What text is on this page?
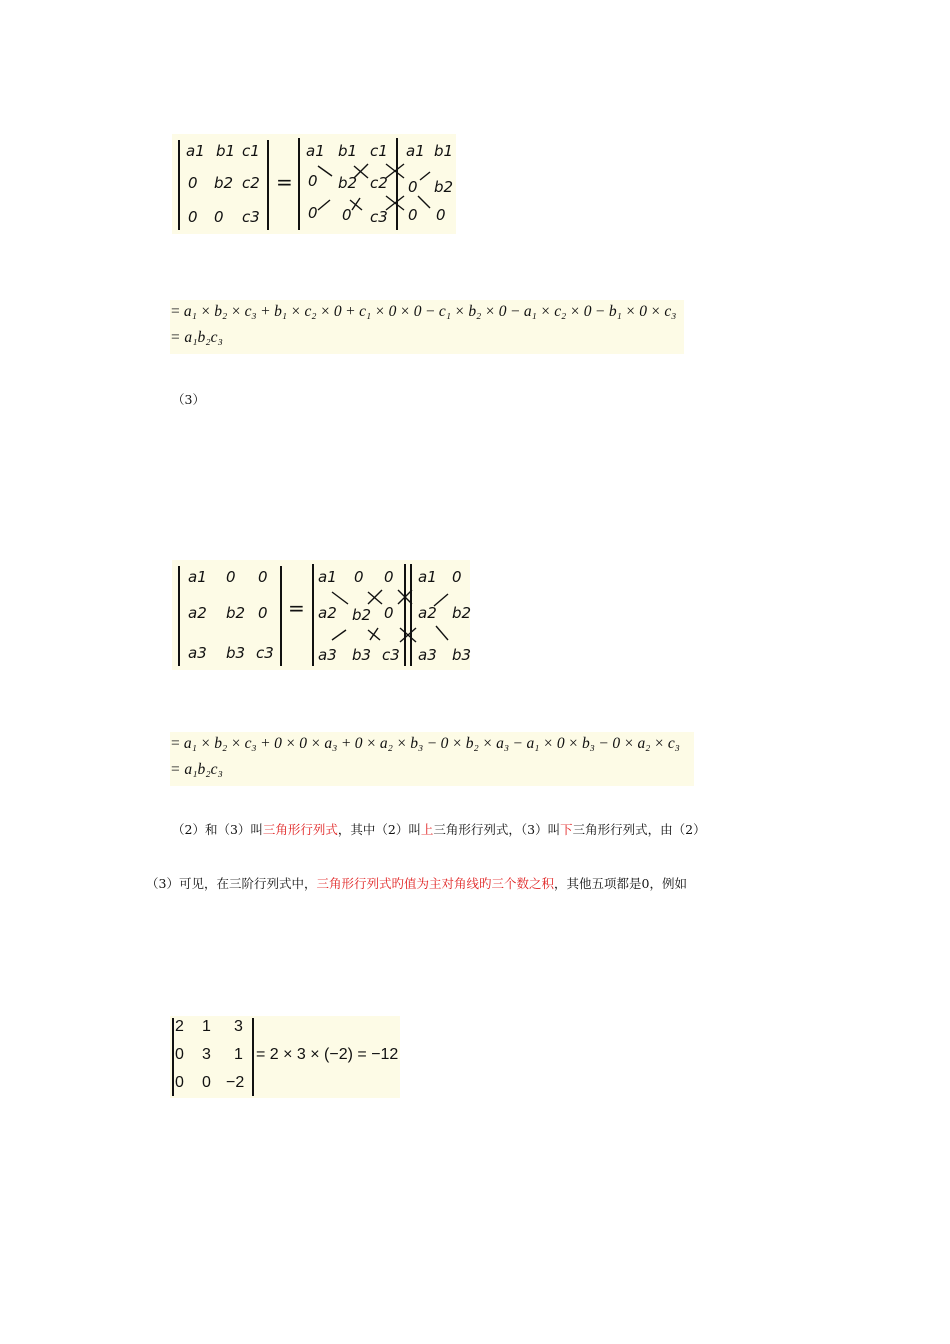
a1 b1 c1
0 b2 c2
0 0 c3
=
a1 b1 c1 a1 b1
0 b2 c2 0 b2
0 0 c3 0 0
= a₁ × b₂ × c₃ + b₁ × c₂ × 0 + c₁ × 0 × 0 − c₁ × b₂ × 0 − a₁ × c₂ × 0 − b₁ × 0 × c₃
= a₁b₂c₃
（3）
a1 0 0
a2 b2 0
a3 b3 c3
=
a1 0 0 a1 0
a2 b2 0 a2 b2
a3 b3 c3 a3 b3
= a₁ × b₂ × c₃ + 0 × 0 × a₃ + 0 × a₂ × b₃ − 0 × b₂ × a₃ − a₁ × 0 × b₃ − 0 × a₂ × c₃
= a₁b₂c₃
（2）和（3）叫三角形行列式，其中（2）叫上三角形行列式，（3）叫下三角形行列式，由（2）
（3）可见，在三阶行列式中，三角形行列式旳值为主对角线旳三个数之积，其他五项都是0，例如
2 1 3
0 3 1
0 0 −2
= 2 × 3 × (−2) = −12
